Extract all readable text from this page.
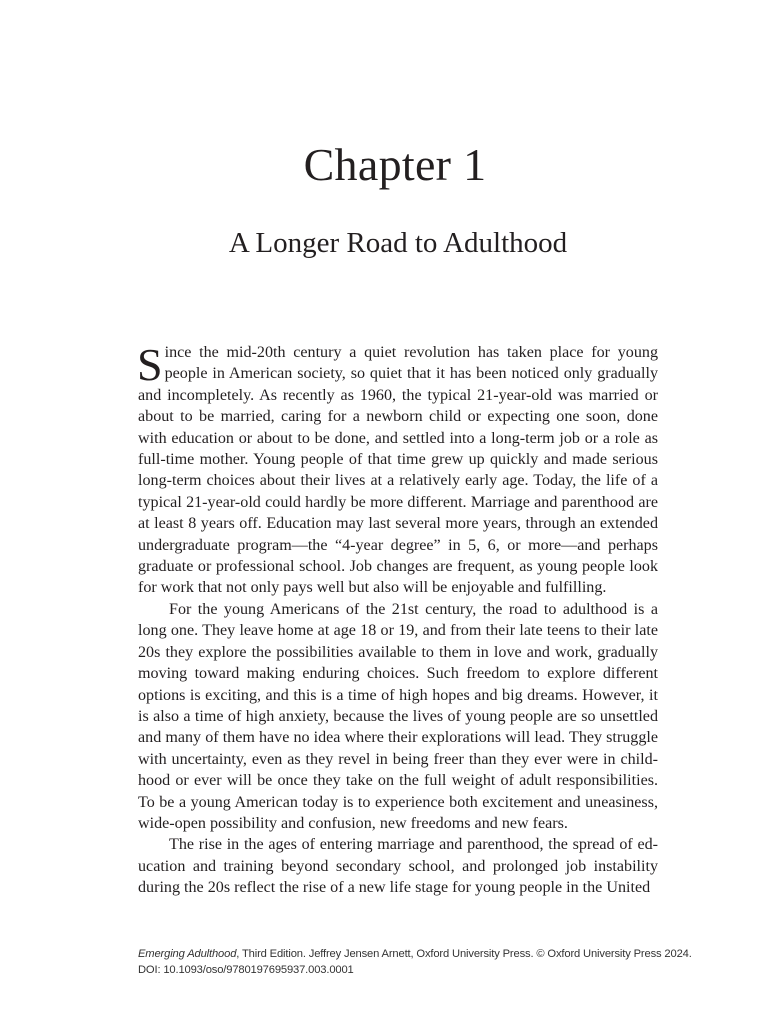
Chapter 1
A Longer Road to Adulthood

Since the mid-20th century a quiet revolution has taken place for young people in American society, so quiet that it has been noticed only gradually and incompletely. As recently as 1960, the typical 21-year-old was married or about to be married, caring for a newborn child or expecting one soon, done with education or about to be done, and settled into a long-term job or a role as full-time mother. Young people of that time grew up quickly and made serious long-term choices about their lives at a relatively early age. Today, the life of a typical 21-year-old could hardly be more different. Marriage and parenthood are at least 8 years off. Education may last several more years, through an extended undergraduate program—the “4-year degree” in 5, 6, or more—and perhaps graduate or professional school. Job changes are frequent, as young people look for work that not only pays well but also will be enjoyable and fulfilling.

For the young Americans of the 21st century, the road to adulthood is a long one. They leave home at age 18 or 19, and from their late teens to their late 20s they explore the possibilities available to them in love and work, gradually moving toward making enduring choices. Such freedom to explore different options is exciting, and this is a time of high hopes and big dreams. However, it is also a time of high anxiety, because the lives of young people are so unsettled and many of them have no idea where their explorations will lead. They struggle with uncertainty, even as they revel in being freer than they ever were in childhood or ever will be once they take on the full weight of adult responsibilities. To be a young American today is to experience both excitement and uneasiness, wide-open possibility and confusion, new freedoms and new fears.

The rise in the ages of entering marriage and parenthood, the spread of education and training beyond secondary school, and prolonged job instability during the 20s reflect the rise of a new life stage for young people in the United

Emerging Adulthood, Third Edition. Jeffrey Jensen Arnett, Oxford University Press. © Oxford University Press 2024.
DOI: 10.1093/oso/9780197695937.003.0001
